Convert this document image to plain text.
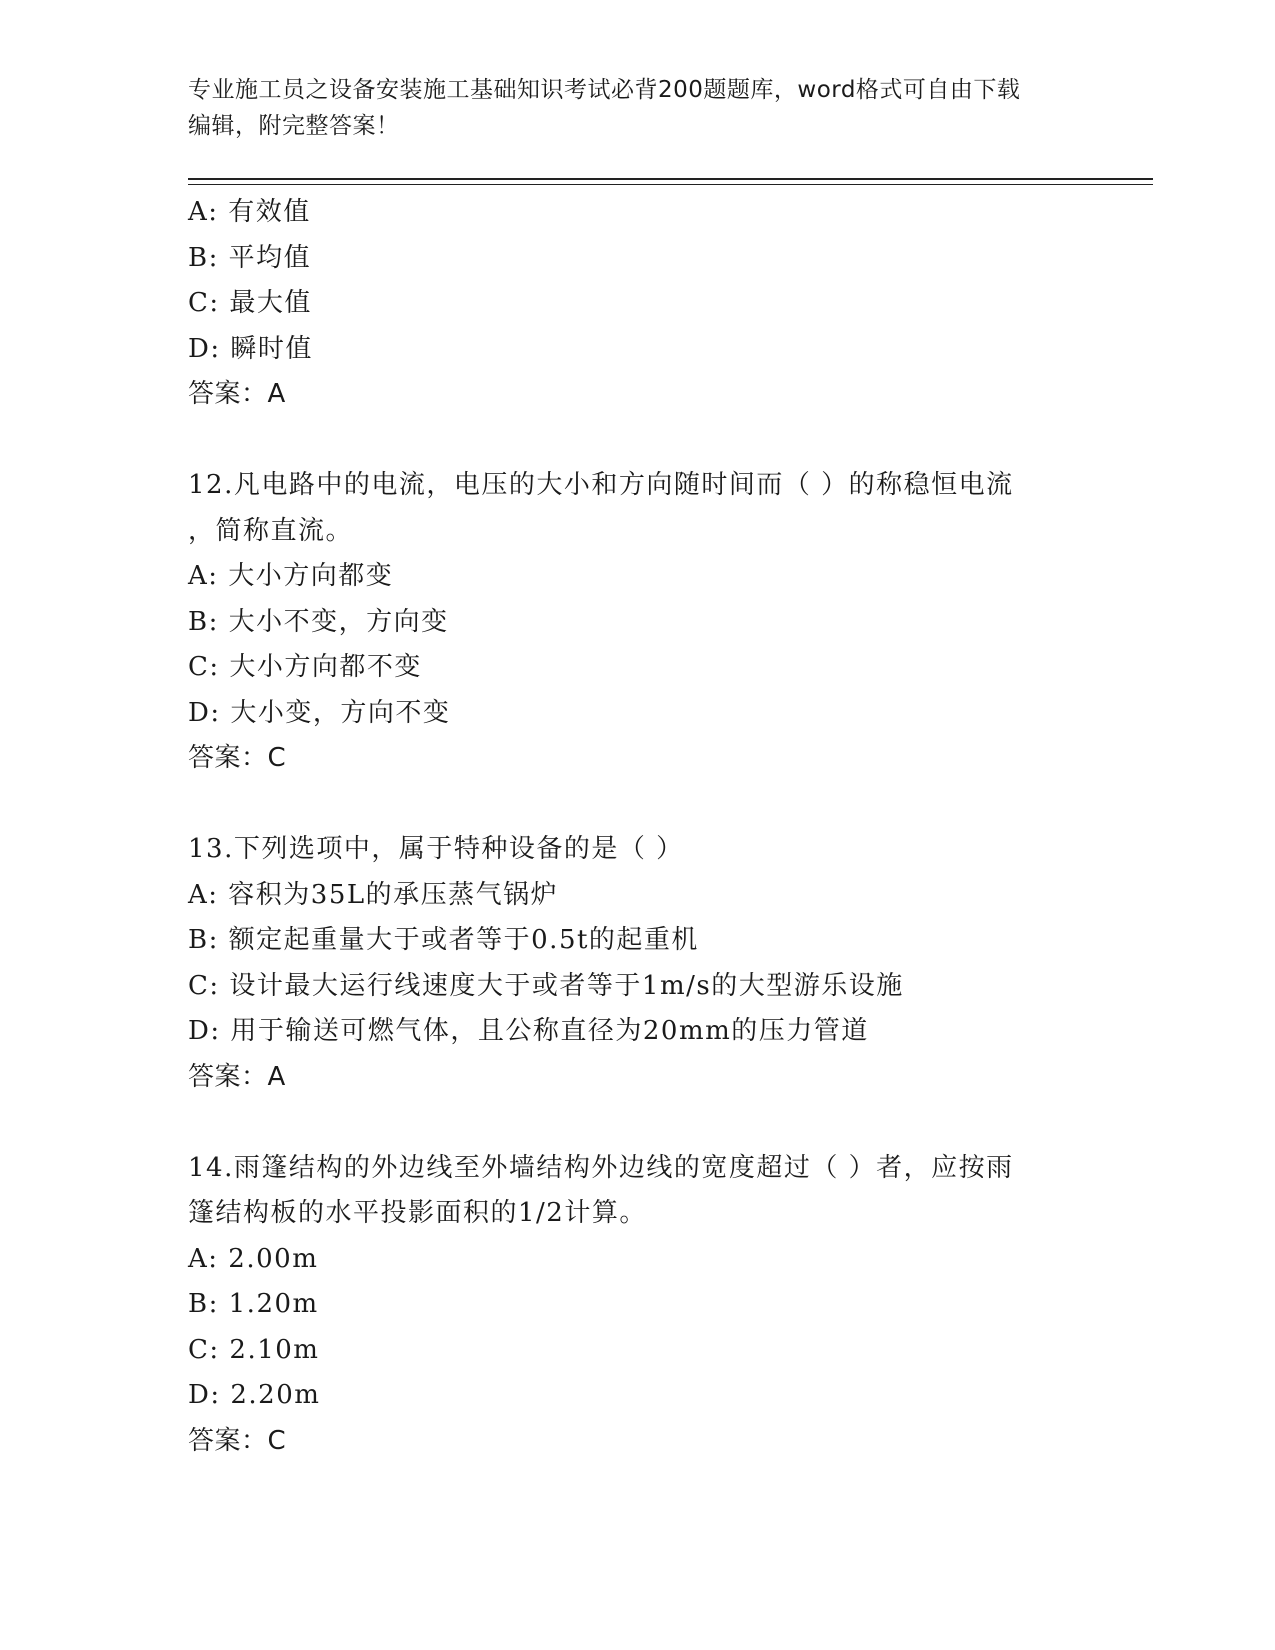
专业施工员之设备安装施工基础知识考试必背200题题库，word格式可自由下载
编辑，附完整答案！
A: 有效值
B: 平均值
C: 最大值
D: 瞬时值
答案：A
12.凡电路中的电流，电压的大小和方向随时间而（ ）的称稳恒电流
，简称直流。
A: 大小方向都变
B: 大小不变，方向变
C: 大小方向都不变
D: 大小变，方向不变
答案：C
13.下列选项中，属于特种设备的是（ ）
A: 容积为35L的承压蒸气锅炉
B: 额定起重量大于或者等于0.5t的起重机
C: 设计最大运行线速度大于或者等于1m/s的大型游乐设施
D: 用于输送可燃气体，且公称直径为20mm的压力管道
答案：A
14.雨篷结构的外边线至外墙结构外边线的宽度超过（ ）者，应按雨
篷结构板的水平投影面积的1/2计算。
A: 2.00m
B: 1.20m
C: 2.10m
D: 2.20m
答案：C
